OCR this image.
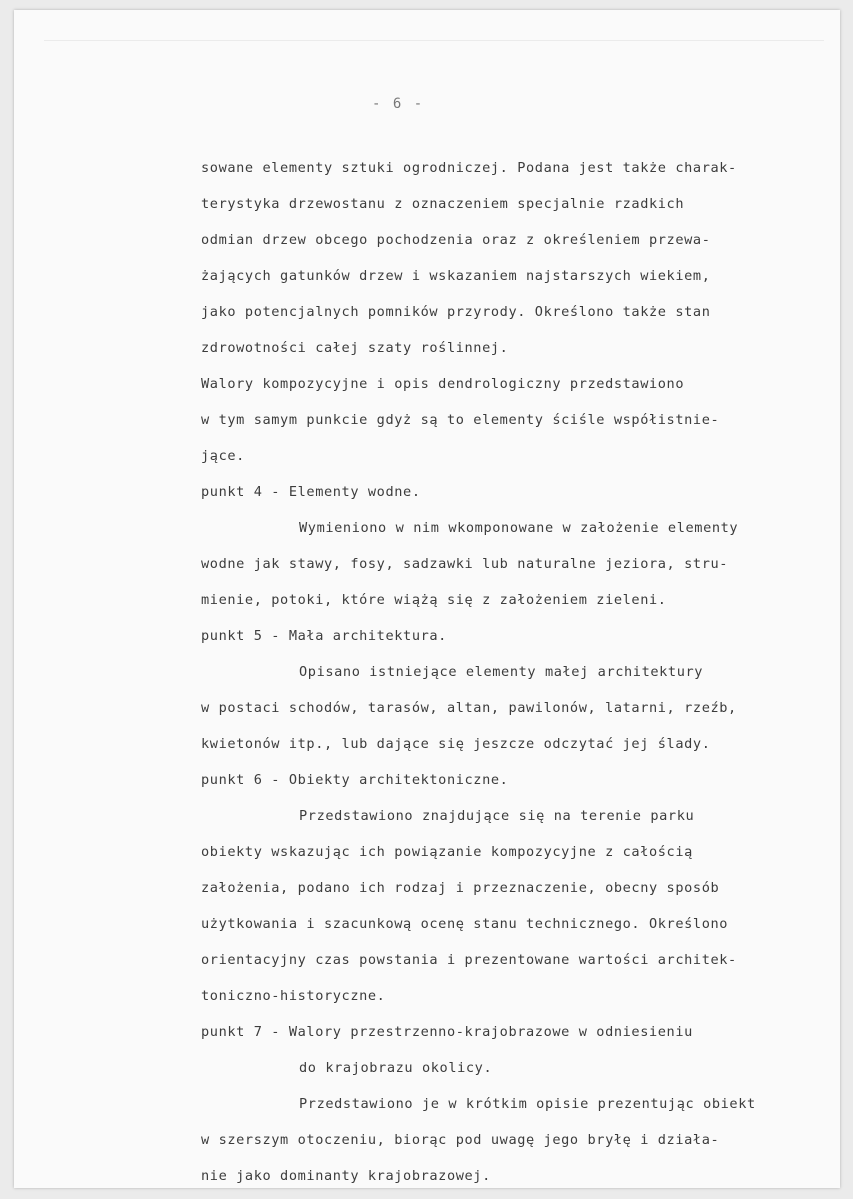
- 6 -
sowane elementy sztuki ogrodniczej. Podana jest także charak-
terystyka drzewostanu z oznaczeniem specjalnie rzadkich
odmian drzew obcego pochodzenia oraz z określeniem przewa-
żających gatunków drzew i wskazaniem najstarszych wiekiem,
jako potencjalnych pomników przyrody. Określono także stan
zdrowotności całej szaty roślinnej.
Walory kompozycyjne i opis dendrologiczny przedstawiono
w tym samym punkcie gdyż są to elementy ściśle współistnie-
jące.
punkt 4 - Elementy wodne.
Wymieniono w nim wkomponowane w założenie elementy
wodne jak stawy, fosy, sadzawki lub naturalne jeziora, stru-
mienie, potoki, które wiążą się z założeniem zieleni.
punkt 5 - Mała architektura.
Opisano istniejące elementy małej architektury
w postaci schodów, tarasów, altan, pawilonów, latarni, rzeźb,
kwietonów itp., lub dające się jeszcze odczytać jej ślady.
punkt 6 - Obiekty architektoniczne.
Przedstawiono znajdujące się na terenie parku
obiekty wskazując ich powiązanie kompozycyjne z całością
założenia, podano ich rodzaj i przeznaczenie, obecny sposób
użytkowania i szacunkową ocenę stanu technicznego. Określono
orientacyjny czas powstania i prezentowane wartości architek-
toniczno-historyczne.
punkt 7 - Walory przestrzenno-krajobrazowe w odniesieniu
do krajobrazu okolicy.
Przedstawiono je w krótkim opisie prezentując obiekt
w szerszym otoczeniu, biorąc pod uwagę jego bryłę i działa-
nie jako dominanty krajobrazowej.
